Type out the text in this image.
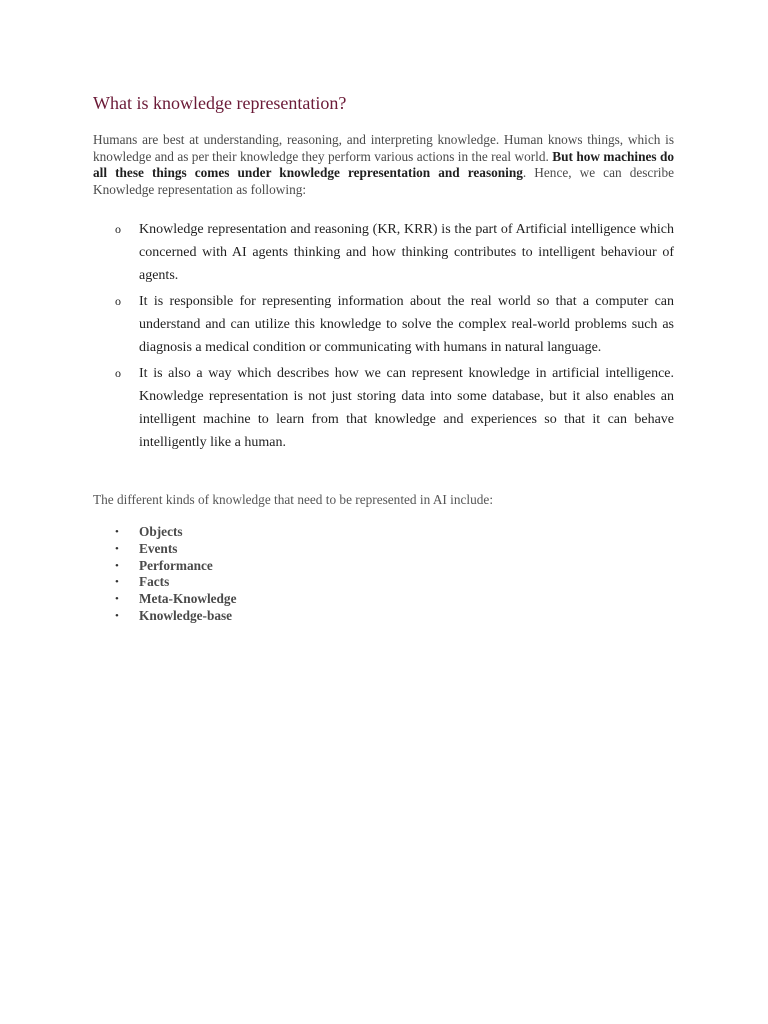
What is knowledge representation?

Humans are best at understanding, reasoning, and interpreting knowledge. Human knows things, which is knowledge and as per their knowledge they perform various actions in the real world. But how machines do all these things comes under knowledge representation and reasoning. Hence, we can describe Knowledge representation as following:

o Knowledge representation and reasoning (KR, KRR) is the part of Artificial intelligence which concerned with AI agents thinking and how thinking contributes to intelligent behaviour of agents.
o It is responsible for representing information about the real world so that a computer can understand and can utilize this knowledge to solve the complex real-world problems such as diagnosis a medical condition or communicating with humans in natural language.
o It is also a way which describes how we can represent knowledge in artificial intelligence. Knowledge representation is not just storing data into some database, but it also enables an intelligent machine to learn from that knowledge and experiences so that it can behave intelligently like a human.

The different kinds of knowledge that need to be represented in AI include:

• Objects
• Events
• Performance
• Facts
• Meta-Knowledge
• Knowledge-base
